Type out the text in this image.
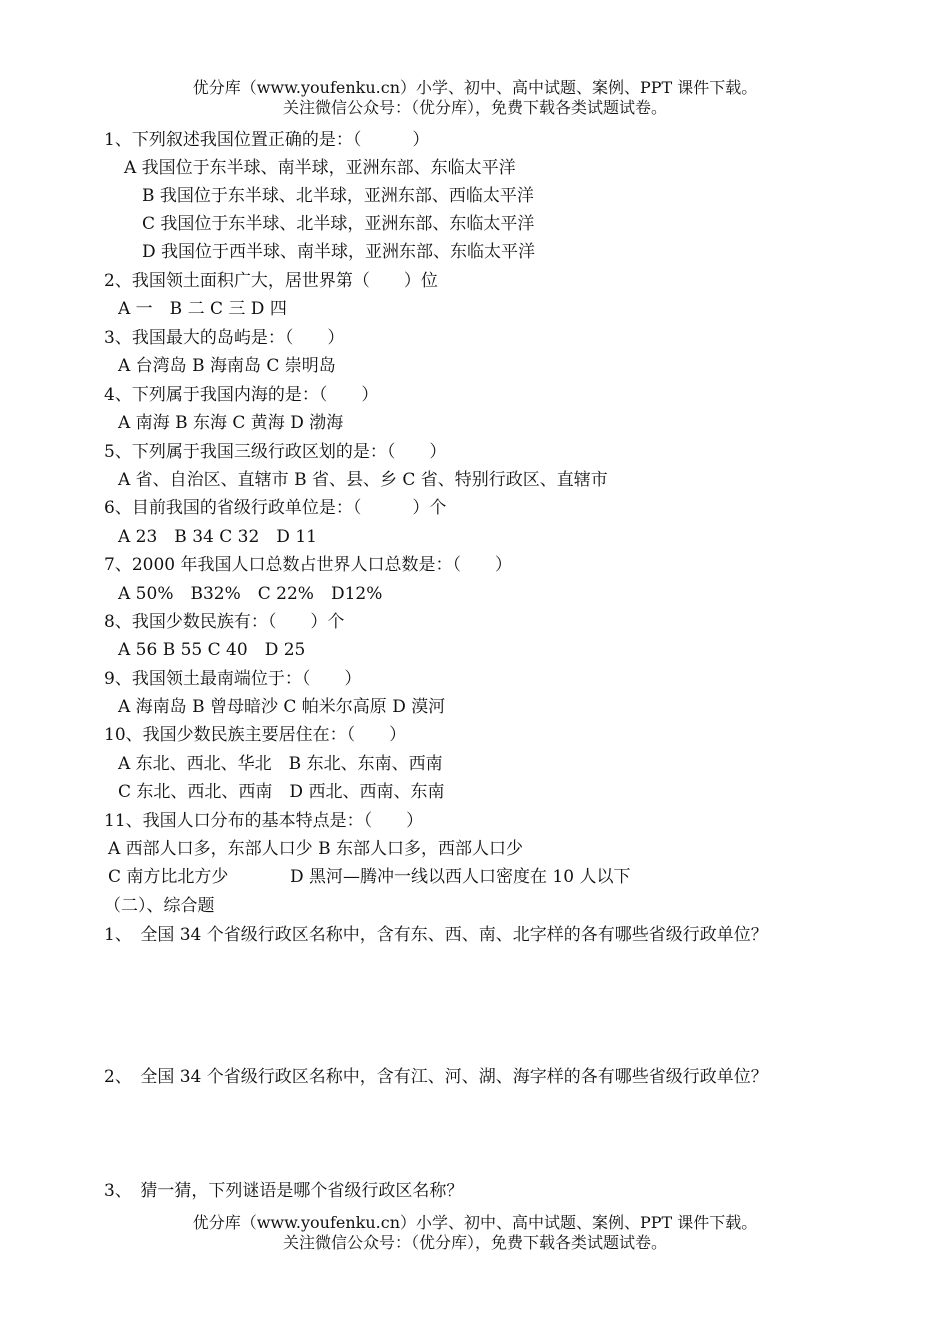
优分库（www.youfenku.cn）小学、初中、高中试题、案例、PPT 课件下载。
关注微信公众号：（优分库），免费下载各类试题试卷。
1、下列叙述我国位置正确的是：（　　　）
A 我国位于东半球、南半球，亚洲东部、东临太平洋
B 我国位于东半球、北半球，亚洲东部、西临太平洋
C 我国位于东半球、北半球，亚洲东部、东临太平洋
D 我国位于西半球、南半球，亚洲东部、东临太平洋
2、我国领土面积广大，居世界第（　　）位
A 一　B 二 C 三 D 四
3、我国最大的岛屿是：（　　）
A 台湾岛 B 海南岛 C 崇明岛
4、下列属于我国内海的是：（　　）
A 南海 B 东海 C 黄海 D 渤海
5、下列属于我国三级行政区划的是：（　　）
A 省、自治区、直辖市 B 省、县、乡 C 省、特别行政区、直辖市
6、目前我国的省级行政单位是：（　　　）个
A 23　B 34 C 32　D 11
7、2000 年我国人口总数占世界人口总数是：（　　）
A 50%　B32%　C 22%　D12%
8、我国少数民族有：（　　）个
A 56 B 55 C 40　D 25
9、我国领土最南端位于：（　　）
A 海南岛 B 曾母暗沙 C 帕米尔高原 D 漠河
10、我国少数民族主要居住在：（　　）
A 东北、西北、华北　B 东北、东南、西南
C 东北、西北、西南　D 西北、西南、东南
11、我国人口分布的基本特点是：（　　）
A 西部人口多，东部人口少 B 东部人口多，西部人口少
C 南方比北方少	D 黑河—腾冲一线以西人口密度在 10 人以下
（二）、综合题
1、　全国 34 个省级行政区名称中，含有东、西、南、北字样的各有哪些省级行政单位？
2、　全国 34 个省级行政区名称中，含有江、河、湖、海字样的各有哪些省级行政单位？
3、　猜一猜，下列谜语是哪个省级行政区名称？
优分库（www.youfenku.cn）小学、初中、高中试题、案例、PPT 课件下载。
关注微信公众号：（优分库），免费下载各类试题试卷。
